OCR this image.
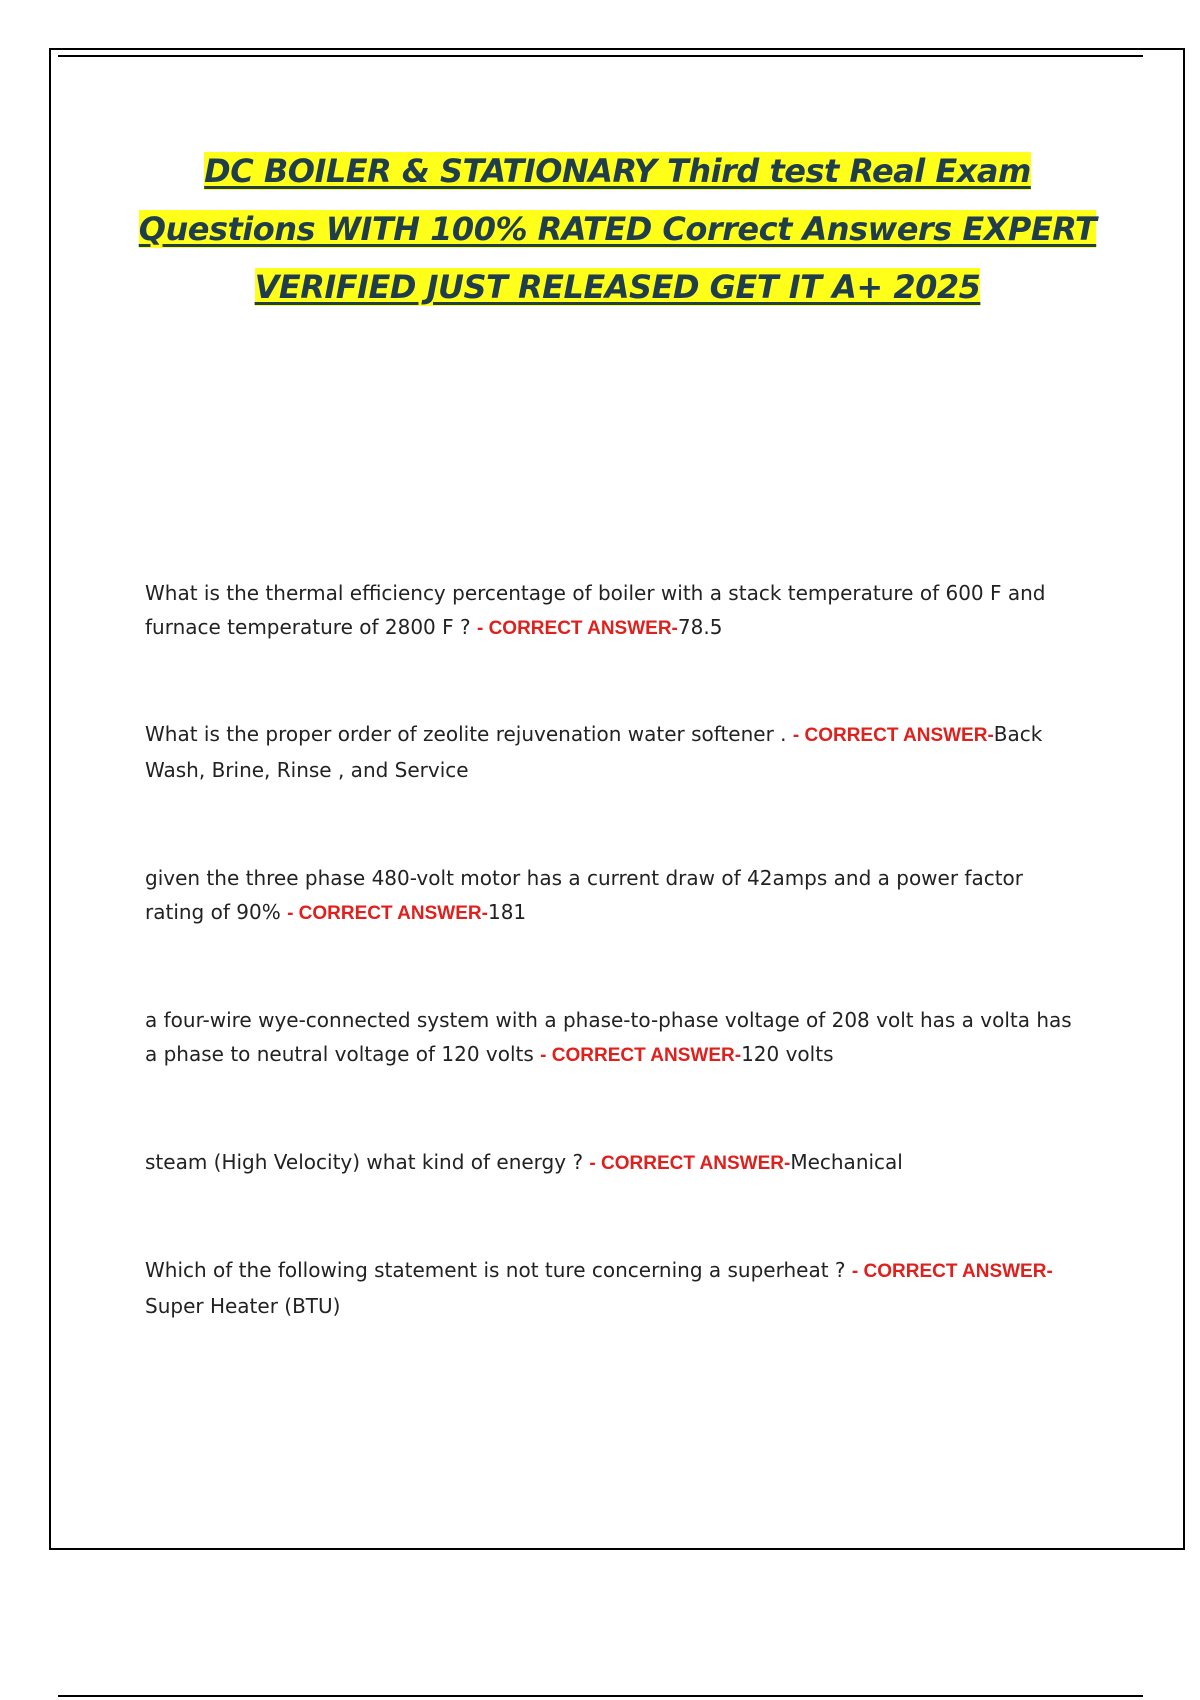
DC BOILER & STATIONARY Third test Real Exam
Questions WITH 100% RATED Correct Answers EXPERT
VERIFIED JUST RELEASED GET IT A+ 2025
What is the thermal efficiency percentage of boiler with a stack temperature of 600 F and furnace temperature of 2800 F ? - CORRECT ANSWER-78.5
What is the proper order of zeolite rejuvenation water softener . - CORRECT ANSWER-Back Wash, Brine, Rinse , and Service
given the three phase 480-volt motor has a current draw of 42amps and a power factor rating of 90% - CORRECT ANSWER-181
a four-wire wye-connected system with a phase-to-phase voltage of 208 volt has a volta has a phase to neutral voltage of 120 volts - CORRECT ANSWER-120 volts
steam (High Velocity) what kind of energy ? - CORRECT ANSWER-Mechanical
Which of the following statement is not ture concerning a superheat ? - CORRECT ANSWER-Super Heater (BTU)
